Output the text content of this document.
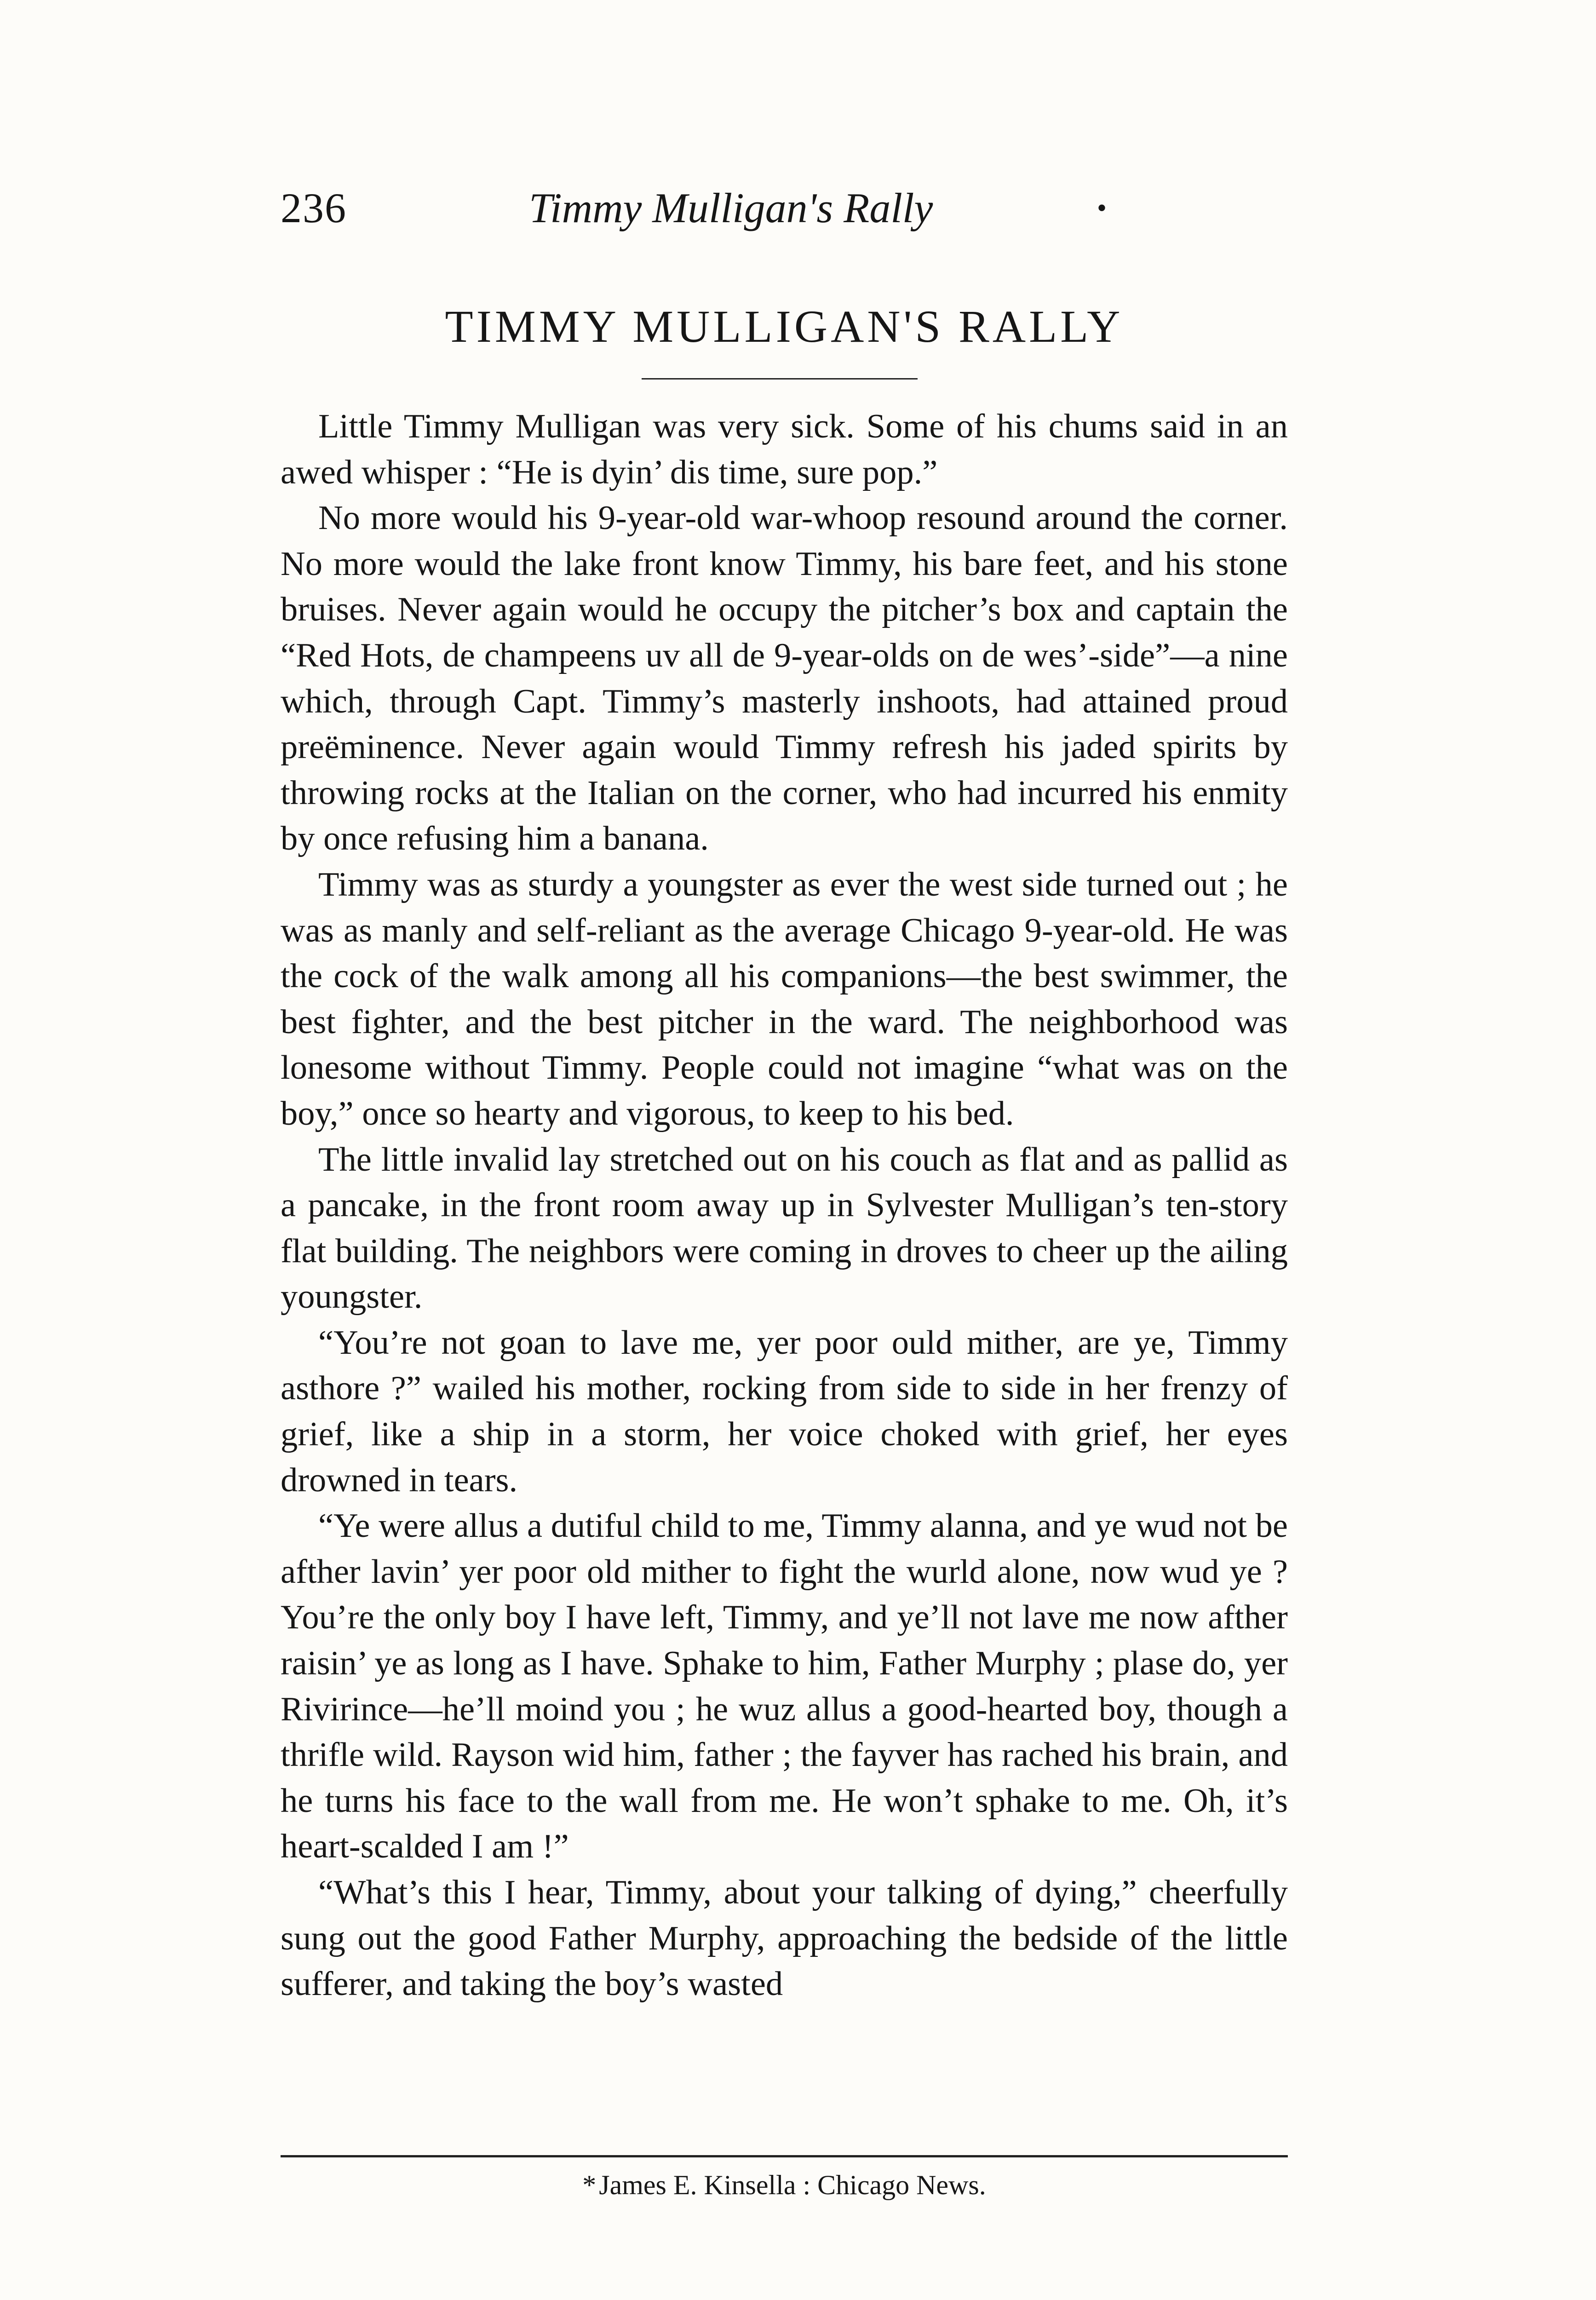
236	Timmy Mulligan's Rally	•
TIMMY MULLIGAN'S RALLY

Little Timmy Mulligan was very sick. Some of his chums said in an awed whisper : “He is dyin’ dis time, sure pop.”

No more would his 9-year-old war-whoop resound around the corner. No more would the lake front know Timmy, his bare feet, and his stone bruises. Never again would he occupy the pitcher’s box and captain the “Red Hots, de champeens uv all de 9-year-olds on de wes’-side”—a nine which, through Capt. Timmy’s masterly inshoots, had attained proud preëminence. Never again would Timmy refresh his jaded spirits by throwing rocks at the Italian on the corner, who had incurred his enmity by once refusing him a banana.

Timmy was as sturdy a youngster as ever the west side turned out ; he was as manly and self-reliant as the average Chicago 9-year-old. He was the cock of the walk among all his companions—the best swimmer, the best fighter, and the best pitcher in the ward. The neighborhood was lonesome without Timmy. People could not imagine “what was on the boy,” once so hearty and vigorous, to keep to his bed.

The little invalid lay stretched out on his couch as flat and as pallid as a pancake, in the front room away up in Sylvester Mulligan’s ten-story flat building. The neighbors were coming in droves to cheer up the ailing youngster.

“You’re not goan to lave me, yer poor ould mither, are ye, Timmy asthore ?” wailed his mother, rocking from side to side in her frenzy of grief, like a ship in a storm, her voice choked with grief, her eyes drowned in tears.

“Ye were allus a dutiful child to me, Timmy alanna, and ye wud not be afther lavin’ yer poor old mither to fight the wurld alone, now wud ye ? You’re the only boy I have left, Timmy, and ye’ll not lave me now afther raisin’ ye as long as I have. Sphake to him, Father Murphy ; plase do, yer Rivirince—he’ll moind you ; he wuz allus a good-hearted boy, though a thrifle wild. Rayson wid him, father ; the fayver has rached his brain, and he turns his face to the wall from me. He won’t sphake to me. Oh, it’s heart-scalded I am !”

“What’s this I hear, Timmy, about your talking of dying,” cheerfully sung out the good Father Murphy, approaching the bedside of the little sufferer, and taking the boy’s wasted

* James E. Kinsella : Chicago News.
